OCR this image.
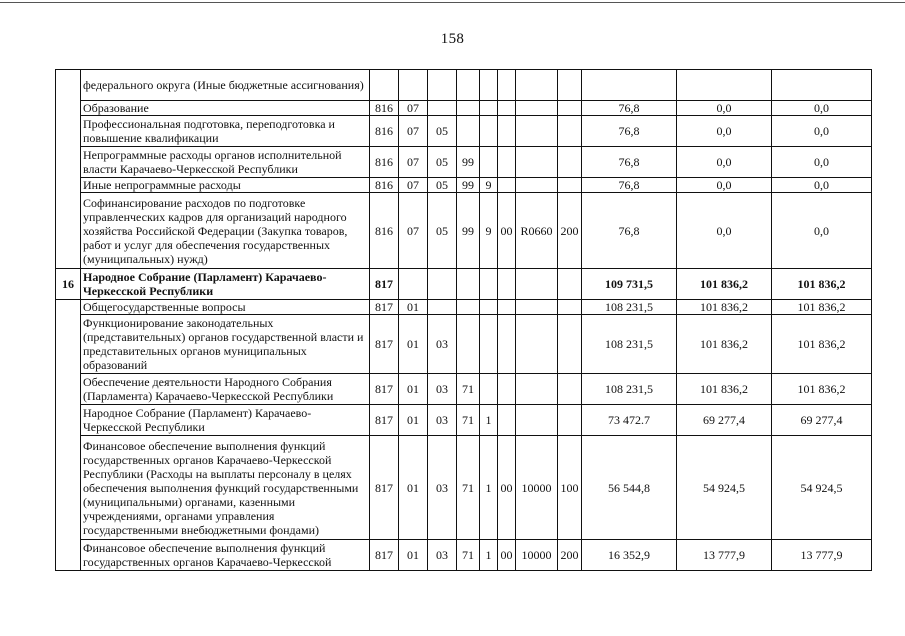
158
	федерального округа (Иные бюджетные ассигнования)											
	Образование	816	07							76,8	0,0	0,0
	Профессиональная подготовка, переподготовка и повышение квалификации	816	07	05						76,8	0,0	0,0
	Непрограммные расходы органов исполнительной власти Карачаево-Черкесской Республики	816	07	05	99					76,8	0,0	0,0
	Иные непрограммные расходы	816	07	05	99	9				76,8	0,0	0,0
	Софинансирование расходов по подготовке управленческих кадров для организаций народного хозяйства Российской Федерации (Закупка товаров, работ и услуг для обеспечения государственных (муниципальных) нужд)	816	07	05	99	9	00	R0660	200	76,8	0,0	0,0
16	Народное Собрание (Парламент) Карачаево-Черкесской Республики	817								109 731,5	101 836,2	101 836,2
	Общегосударственные вопросы	817	01							108 231,5	101 836,2	101 836,2
	Функционирование законодательных (представительных) органов государственной власти и представительных органов муниципальных образований	817	01	03						108 231,5	101 836,2	101 836,2
	Обеспечение деятельности Народного Собрания (Парламента) Карачаево-Черкесской Республики	817	01	03	71					108 231,5	101 836,2	101 836,2
	Народное Собрание (Парламент) Карачаево-Черкесской Республики	817	01	03	71	1				73 472.7	69 277,4	69 277,4
	Финансовое обеспечение выполнения функций государственных органов Карачаево-Черкесской Республики (Расходы на выплаты персоналу в целях обеспечения выполнения функций государственными (муниципальными) органами, казенными учреждениями, органами управления государственными внебюджетными фондами)	817	01	03	71	1	00	10000	100	56 544,8	54 924,5	54 924,5
	Финансовое обеспечение выполнения функций государственных органов Карачаево-Черкесской	817	01	03	71	1	00	10000	200	16 352,9	13 777,9	13 777,9
